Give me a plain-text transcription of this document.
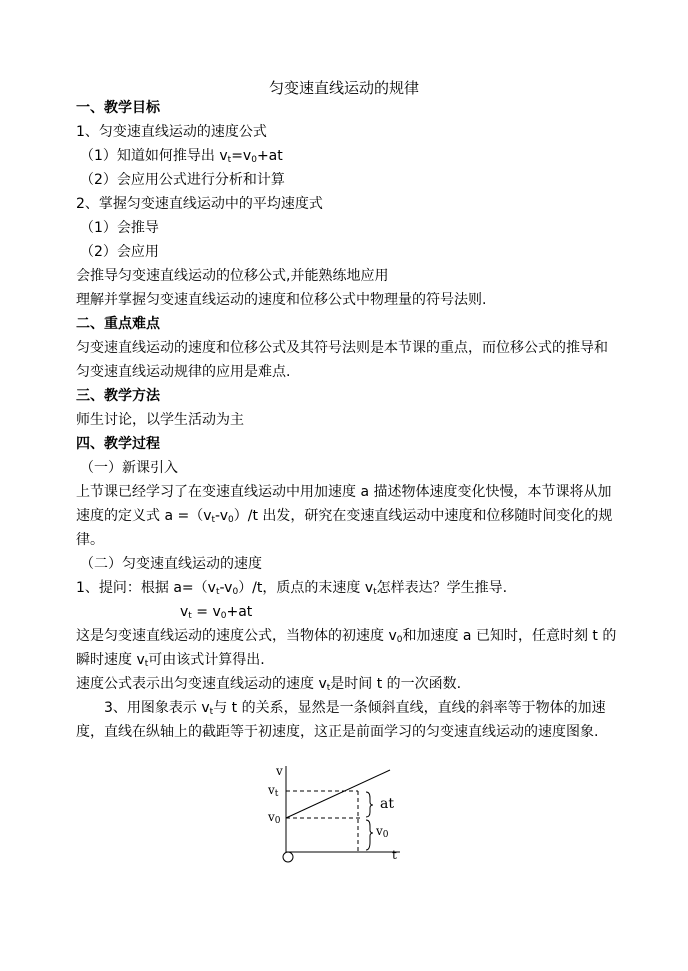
匀变速直线运动的规律
一、教学目标
1、匀变速直线运动的速度公式
（1）知道如何推导出 $v_t=v_0+at$
（2）会应用公式进行分析和计算
2、掌握匀变速直线运动中的平均速度式
（1）会推导
（2）会应用
会推导匀变速直线运动的位移公式,并能熟练地应用
理解并掌握匀变速直线运动的速度和位移公式中物理量的符号法则.
二、重点难点
匀变速直线运动的速度和位移公式及其符号法则是本节课的重点，而位移公式的推导和
匀变速直线运动规律的应用是难点.
三、教学方法
师生讨论，以学生活动为主
四、教学过程
（一）新课引入
上节课已经学习了在变速直线运动中用加速度 a 描述物体速度变化快慢，本节课将从加
速度的定义式 $a =(v_t-v_0)/t$ 出发，研究在变速直线运动中速度和位移随时间变化的规
律。
（二）匀变速直线运动的速度
1、提问：根据 $a=(v_t-v_0)/t$，质点的末速度 $v_t$怎样表达？学生推导.
$v_t = v_0+at$
这是匀变速直线运动的速度公式，当物体的初速度 $v_0$和加速度 a 已知时，任意时刻 t 的
瞬时速度 $v_t$可由该式计算得出.
速度公式表示出匀变速直线运动的速度 $v_t$是时间 t 的一次函数.
3、用图象表示 $v_t$与 t 的关系，显然是一条倾斜直线，直线的斜率等于物体的加速
度，直线在纵轴上的截距等于初速度，这正是前面学习的匀变速直线运动的速度图象.
v
$v_t$
$v_0$
at
$v_0$
t
